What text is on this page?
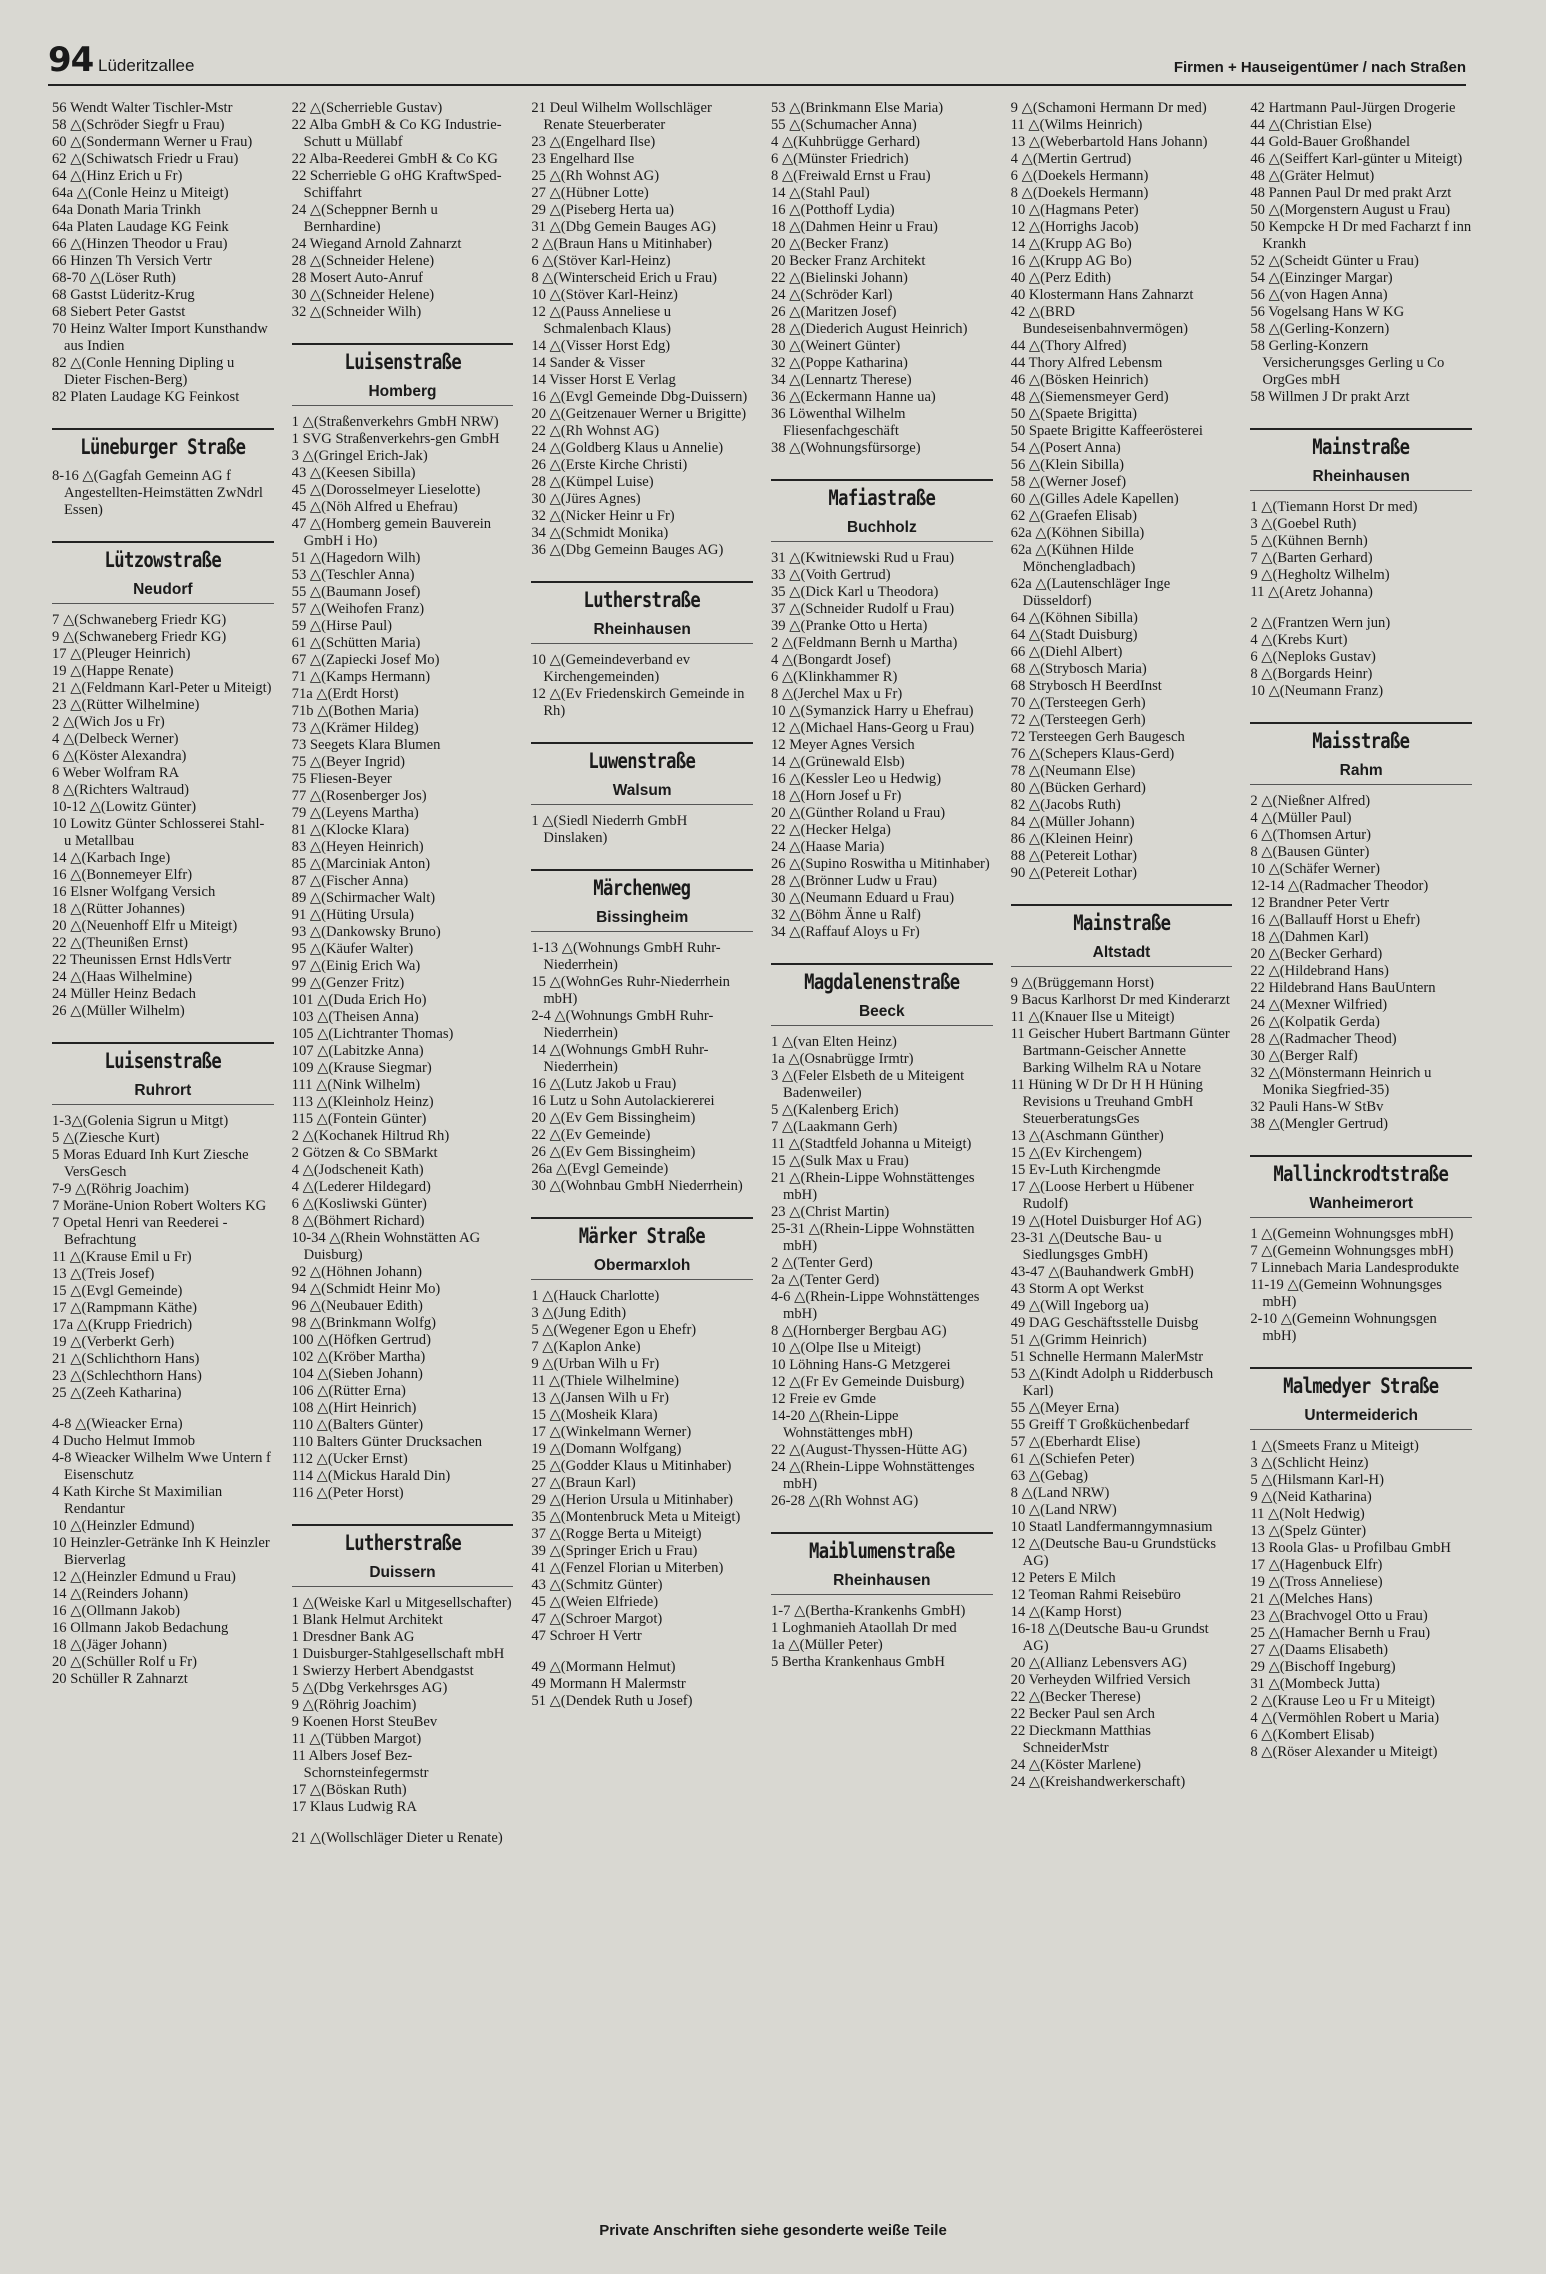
94 Lüderitzallee	Firmen + Hauseigentümer / nach Straßen
56 Wendt Walter Tischler-Mstr
58 △(Schröder Siegfr u Frau)
60 △(Sondermann Werner u Frau)
62 △(Schiwatsch Friedr u Frau)
64 △(Hinz Erich u Fr)
64a △(Conle Heinz u Miteigt)
64a Donath Maria Trinkh
64a Platen Laudage KG Feink
66 △(Hinzen Theodor u Frau)
66 Hinzen Th Versich Vertr
68-70 △(Löser Ruth)
68 Gastst Lüderitz-Krug
68 Siebert Peter Gastst
70 Heinz Walter Import Kunsthandw aus Indien
82 △(Conle Henning Dipling u Dieter Fischen-Berg)
82 Platen Laudage KG Feinkost
Lüneburger Straße
8-16 △(Gagfah Gemeinn AG f Angestellten-Heimstätten ZwNdrl Essen)
Lützowstraße
Neudorf
7 △(Schwaneberg Friedr KG)
9 △(Schwaneberg Friedr KG)
17 △(Pleuger Heinrich)
19 △(Happe Renate)
21 △(Feldmann Karl-Peter u Miteigt)
23 △(Rütter Wilhelmine)
2 △(Wich Jos u Fr)
4 △(Delbeck Werner)
6 △(Köster Alexandra)
6 Weber Wolfram RA
8 △(Richters Waltraud)
10-12 △(Lowitz Günter)
10 Lowitz Günter Schlosserei Stahl- u Metallbau
14 △(Karbach Inge)
16 △(Bonnemeyer Elfr)
16 Elsner Wolfgang Versich
18 △(Rütter Johannes)
20 △(Neuenhoff Elfr u Miteigt)
22 △(Theunißen Ernst)
22 Theunissen Ernst HdlsVertr
24 △(Haas Wilhelmine)
24 Müller Heinz Bedach
26 △(Müller Wilhelm)
Luisenstraße
Ruhrort
1-3△(Golenia Sigrun u Mitgt)
5 △(Ziesche Kurt)
5 Moras Eduard Inh Kurt Ziesche VersGesch
7-9 △(Röhrig Joachim)
7 Moräne-Union Robert Wolters KG
7 Opetal Henri van Reederei - Befrachtung
11 △(Krause Emil u Fr)
13 △(Treis Josef)
15 △(Evgl Gemeinde)
17 △(Rampmann Käthe)
17a △(Krupp Friedrich)
19 △(Verberkt Gerh)
21 △(Schlichthorn Hans)
23 △(Schlechthorn Hans)
25 △(Zeeh Katharina)
4-8 △(Wieacker Erna)
4 Ducho Helmut Immob
4-8 Wieacker Wilhelm Wwe Untern f Eisenschutz
4 Kath Kirche St Maximilian Rendantur
10 △(Heinzler Edmund)
10 Heinzler-Getränke Inh K Heinzler Bierverlag
12 △(Heinzler Edmund u Frau)
14 △(Reinders Johann)
16 △(Ollmann Jakob)
16 Ollmann Jakob Bedachung
18 △(Jäger Johann)
20 △(Schüller Rolf u Fr)
20 Schüller R Zahnarzt
22 △(Scherrieble Gustav)
22 Alba GmbH & Co KG Industrie-Schutt u Müllabf
22 Alba-Reederei GmbH & Co KG
22 Scherrieble G oHG KraftwSped-Schiffahrt
24 △(Scheppner Bernh u Bernhardine)
24 Wiegand Arnold Zahnarzt
28 △(Schneider Helene)
28 Mosert Auto-Anruf
30 △(Schneider Helene)
32 △(Schneider Wilh)
Luisenstraße
Homberg
1 △(Straßenverkehrs GmbH NRW)
1 SVG Straßenverkehrs-gen GmbH
3 △(Gringel Erich-Jak)
43 △(Keesen Sibilla)
45 △(Dorosselmeyer Lieselotte)
45 △(Nöh Alfred u Ehefrau)
47 △(Homberg gemein Bauverein GmbH i Ho)
51 △(Hagedorn Wilh)
53 △(Teschler Anna)
55 △(Baumann Josef)
57 △(Weihofen Franz)
59 △(Hirse Paul)
61 △(Schütten Maria)
67 △(Zapiecki Josef Mo)
71 △(Kamps Hermann)
71a △(Erdt Horst)
71b △(Bothen Maria)
73 △(Krämer Hildeg)
73 Seegets Klara Blumen
75 △(Beyer Ingrid)
75 Fliesen-Beyer
77 △(Rosenberger Jos)
79 △(Leyens Martha)
81 △(Klocke Klara)
83 △(Heyen Heinrich)
85 △(Marciniak Anton)
87 △(Fischer Anna)
89 △(Schirmacher Walt)
91 △(Hüting Ursula)
93 △(Dankowsky Bruno)
95 △(Käufer Walter)
97 △(Einig Erich Wa)
99 △(Genzer Fritz)
101 △(Duda Erich Ho)
103 △(Theisen Anna)
105 △(Lichtranter Thomas)
107 △(Labitzke Anna)
109 △(Krause Siegmar)
111 △(Nink Wilhelm)
113 △(Kleinholz Heinz)
115 △(Fontein Günter)
2 △(Kochanek Hiltrud Rh)
2 Götzen & Co SBMarkt
4 △(Jodscheneit Kath)
4 △(Lederer Hildegard)
6 △(Kosliwski Günter)
8 △(Böhmert Richard)
10-34 △(Rhein Wohnstätten AG Duisburg)
92 △(Höhnen Johann)
94 △(Schmidt Heinr Mo)
96 △(Neubauer Edith)
98 △(Brinkmann Wolfg)
100 △(Höfken Gertrud)
102 △(Kröber Martha)
104 △(Sieben Johann)
106 △(Rütter Erna)
108 △(Hirt Heinrich)
110 △(Balters Günter)
110 Balters Günter Drucksachen
112 △(Ucker Ernst)
114 △(Mickus Harald Din)
116 △(Peter Horst)
Lutherstraße
Duissern
1 △(Weiske Karl u Mitgesellschafter)
1 Blank Helmut Architekt
1 Dresdner Bank AG
1 Duisburger-Stahlgesellschaft mbH
1 Swierzy Herbert Abendgastst
5 △(Dbg Verkehrsges AG)
9 △(Röhrig Joachim)
9 Koenen Horst SteuBev
11 △(Tübben Margot)
11 Albers Josef Bez-Schornsteinfegermstr
17 △(Böskan Ruth)
17 Klaus Ludwig RA
21 △(Wollschläger Dieter u Renate)
21 Deul Wilhelm Wollschläger Renate Steuerberater
23 △(Engelhard Ilse)
23 Engelhard Ilse
25 △(Rh Wohnst AG)
27 △(Hübner Lotte)
29 △(Piseberg Herta ua)
31 △(Dbg Gemein Bauges AG)
2 △(Braun Hans u Mitinhaber)
6 △(Stöver Karl-Heinz)
8 △(Winterscheid Erich u Frau)
10 △(Stöver Karl-Heinz)
12 △(Pauss Anneliese u Schmalenbach Klaus)
14 △(Visser Horst Edg)
14 Sander & Visser
14 Visser Horst E Verlag
16 △(Evgl Gemeinde Dbg-Duissern)
20 △(Geitzenauer Werner u Brigitte)
22 △(Rh Wohnst AG)
24 △(Goldberg Klaus u Annelie)
26 △(Erste Kirche Christi)
28 △(Kümpel Luise)
30 △(Jüres Agnes)
32 △(Nicker Heinr u Fr)
34 △(Schmidt Monika)
36 △(Dbg Gemeinn Bauges AG)
Lutherstraße
Rheinhausen
10 △(Gemeindeverband ev Kirchengemeinden)
12 △(Ev Friedenskirch Gemeinde in Rh)
Luwenstraße
Walsum
1 △(Siedl Niederrh GmbH Dinslaken)
Märchenweg
Bissingheim
1-13 △(Wohnungs GmbH Ruhr-Niederrhein)
15 △(WohnGes Ruhr-Niederrhein mbH)
2-4 △(Wohnungs GmbH Ruhr-Niederrhein)
14 △(Wohnungs GmbH Ruhr-Niederrhein)
16 △(Lutz Jakob u Frau)
16 Lutz u Sohn Autolackiererei
20 △(Ev Gem Bissingheim)
22 △(Ev Gemeinde)
26 △(Ev Gem Bissingheim)
26a △(Evgl Gemeinde)
30 △(Wohnbau GmbH Niederrhein)
Märker Straße
Obermarxloh
1 △(Hauck Charlotte)
3 △(Jung Edith)
5 △(Wegener Egon u Ehefr)
7 △(Kaplon Anke)
9 △(Urban Wilh u Fr)
11 △(Thiele Wilhelmine)
13 △(Jansen Wilh u Fr)
15 △(Mosheik Klara)
17 △(Winkelmann Werner)
19 △(Domann Wolfgang)
25 △(Godder Klaus u Mitinhaber)
27 △(Braun Karl)
29 △(Herion Ursula u Mitinhaber)
35 △(Montenbruck Meta u Miteigt)
37 △(Rogge Berta u Miteigt)
39 △(Springer Erich u Frau)
41 △(Fenzel Florian u Miterben)
43 △(Schmitz Günter)
45 △(Weien Elfriede)
47 △(Schroer Margot)
47 Schroer H Vertr
49 △(Mormann Helmut)
49 Mormann H Malermstr
51 △(Dendek Ruth u Josef)
53 △(Brinkmann Else Maria)
55 △(Schumacher Anna)
4 △(Kuhbrügge Gerhard)
6 △(Münster Friedrich)
8 △(Freiwald Ernst u Frau)
14 △(Stahl Paul)
16 △(Potthoff Lydia)
18 △(Dahmen Heinr u Frau)
20 △(Becker Franz)
20 Becker Franz Architekt
22 △(Bielinski Johann)
24 △(Schröder Karl)
26 △(Maritzen Josef)
28 △(Diederich August Heinrich)
30 △(Weinert Günter)
32 △(Poppe Katharina)
34 △(Lennartz Therese)
36 △(Eckermann Hanne ua)
36 Löwenthal Wilhelm Fliesenfachgeschäft
38 △(Wohnungsfürsorge)
Mafiastraße
Buchholz
31 △(Kwitniewski Rud u Frau)
33 △(Voith Gertrud)
35 △(Dick Karl u Theodora)
37 △(Schneider Rudolf u Frau)
39 △(Pranke Otto u Herta)
2 △(Feldmann Bernh u Martha)
4 △(Bongardt Josef)
6 △(Klinkhammer R)
8 △(Jerchel Max u Fr)
10 △(Symanzick Harry u Ehefrau)
12 △(Michael Hans-Georg u Frau)
12 Meyer Agnes Versich
14 △(Grünewald Elsb)
16 △(Kessler Leo u Hedwig)
18 △(Horn Josef u Fr)
20 △(Günther Roland u Frau)
22 △(Hecker Helga)
24 △(Haase Maria)
26 △(Supino Roswitha u Mitinhaber)
28 △(Brönner Ludw u Frau)
30 △(Neumann Eduard u Frau)
32 △(Böhm Änne u Ralf)
34 △(Raffauf Aloys u Fr)
Magdalenenstraße
Beeck
1 △(van Elten Heinz)
1a △(Osnabrügge Irmtr)
3 △(Feler Elsbeth de u Miteigent Badenweiler)
5 △(Kalenberg Erich)
7 △(Laakmann Gerh)
11 △(Stadtfeld Johanna u Miteigt)
15 △(Sulk Max u Frau)
21 △(Rhein-Lippe Wohnstättenges mbH)
23 △(Christ Martin)
25-31 △(Rhein-Lippe Wohnstätten mbH)
2 △(Tenter Gerd)
2a △(Tenter Gerd)
4-6 △(Rhein-Lippe Wohnstättenges mbH)
8 △(Hornberger Bergbau AG)
10 △(Olpe Ilse u Miteigt)
10 Löhning Hans-G Metzgerei
12 △(Fr Ev Gemeinde Duisburg)
12 Freie ev Gmde
14-20 △(Rhein-Lippe Wohnstättenges mbH)
22 △(August-Thyssen-Hütte AG)
24 △(Rhein-Lippe Wohnstättenges mbH)
26-28 △(Rh Wohnst AG)
Maiblumenstraße
Rheinhausen
1-7 △(Bertha-Krankenhs GmbH)
1 Loghmanieh Ataollah Dr med
1a △(Müller Peter)
5 Bertha Krankenhaus GmbH
9 △(Schamoni Hermann Dr med)
11 △(Wilms Heinrich)
13 △(Weberbartold Hans Johann)
4 △(Mertin Gertrud)
6 △(Doekels Hermann)
8 △(Doekels Hermann)
10 △(Hagmans Peter)
12 △(Horrighs Jacob)
14 △(Krupp AG Bo)
16 △(Krupp AG Bo)
40 △(Perz Edith)
40 Klostermann Hans Zahnarzt
42 △(BRD Bundeseisenbahnvermögen)
44 △(Thory Alfred)
44 Thory Alfred Lebensm
46 △(Bösken Heinrich)
48 △(Siemensmeyer Gerd)
50 △(Spaete Brigitta)
50 Spaete Brigitte Kaffeerösterei
54 △(Posert Anna)
56 △(Klein Sibilla)
58 △(Werner Josef)
60 △(Gilles Adele Kapellen)
62 △(Graefen Elisab)
62a △(Köhnen Sibilla)
62a △(Kühnen Hilde Mönchengladbach)
62a △(Lautenschläger Inge Düsseldorf)
64 △(Köhnen Sibilla)
64 △(Stadt Duisburg)
66 △(Diehl Albert)
68 △(Strybosch Maria)
68 Strybosch H BeerdInst
70 △(Tersteegen Gerh)
72 △(Tersteegen Gerh)
72 Tersteegen Gerh Baugesch
76 △(Schepers Klaus-Gerd)
78 △(Neumann Else)
80 △(Bücken Gerhard)
82 △(Jacobs Ruth)
84 △(Müller Johann)
86 △(Kleinen Heinr)
88 △(Petereit Lothar)
90 △(Petereit Lothar)
Mainstraße
Altstadt
9 △(Brüggemann Horst)
9 Bacus Karlhorst Dr med Kinderarzt
11 △(Knauer Ilse u Miteigt)
11 Geischer Hubert Bartmann Günter Bartmann-Geischer Annette Barking Wilhelm RA u Notare
11 Hüning W Dr Dr H H Hüning Revisions u Treuhand GmbH SteuerberatungsGes
13 △(Aschmann Günther)
15 △(Ev Kirchengem)
15 Ev-Luth Kirchengmde
17 △(Loose Herbert u Hübener Rudolf)
19 △(Hotel Duisburger Hof AG)
23-31 △(Deutsche Bau- u Siedlungsges GmbH)
43-47 △(Bauhandwerk GmbH)
43 Storm A opt Werkst
49 △(Will Ingeborg ua)
49 DAG Geschäftsstelle Duisbg
51 △(Grimm Heinrich)
51 Schnelle Hermann MalerMstr
53 △(Kindt Adolph u Ridderbusch Karl)
55 △(Meyer Erna)
55 Greiff T Großküchenbedarf
57 △(Eberhardt Elise)
61 △(Schiefen Peter)
63 △(Gebag)
8 △(Land NRW)
10 △(Land NRW)
10 Staatl Landfermanngymnasium
12 △(Deutsche Bau-u Grundstücks AG)
12 Peters E Milch
12 Teoman Rahmi Reisebüro
14 △(Kamp Horst)
16-18 △(Deutsche Bau-u Grundst AG)
20 △(Allianz Lebensvers AG)
20 Verheyden Wilfried Versich
22 △(Becker Therese)
22 Becker Paul sen Arch
22 Dieckmann Matthias SchneiderMstr
24 △(Köster Marlene)
24 △(Kreishandwerkerschaft)
42 Hartmann Paul-Jürgen Drogerie
44 △(Christian Else)
44 Gold-Bauer Großhandel
46 △(Seiffert Karl-günter u Miteigt)
48 △(Gräter Helmut)
48 Pannen Paul Dr med prakt Arzt
50 △(Morgenstern August u Frau)
50 Kempcke H Dr med Facharzt f inn Krankh
52 △(Scheidt Günter u Frau)
54 △(Einzinger Margar)
56 △(von Hagen Anna)
56 Vogelsang Hans W KG
58 △(Gerling-Konzern)
58 Gerling-Konzern Versicherungsges Gerling u Co OrgGes mbH
58 Willmen J Dr prakt Arzt
Mainstraße
Rheinhausen
1 △(Tiemann Horst Dr med)
3 △(Goebel Ruth)
5 △(Kühnen Bernh)
7 △(Barten Gerhard)
9 △(Hegholtz Wilhelm)
11 △(Aretz Johanna)
2 △(Frantzen Wern jun)
4 △(Krebs Kurt)
6 △(Neploks Gustav)
8 △(Borgards Heinr)
10 △(Neumann Franz)
Maisstraße
Rahm
2 △(Nießner Alfred)
4 △(Müller Paul)
6 △(Thomsen Artur)
8 △(Bausen Günter)
10 △(Schäfer Werner)
12-14 △(Radmacher Theodor)
12 Brandner Peter Vertr
16 △(Ballauff Horst u Ehefr)
18 △(Dahmen Karl)
20 △(Becker Gerhard)
22 △(Hildebrand Hans)
22 Hildebrand Hans BauUntern
24 △(Mexner Wilfried)
26 △(Kolpatik Gerda)
28 △(Radmacher Theod)
30 △(Berger Ralf)
32 △(Mönstermann Heinrich u Monika Siegfried-35)
32 Pauli Hans-W StBv
38 △(Mengler Gertrud)
Mallinckrodtstraße
Wanheimerort
1 △(Gemeinn Wohnungsges mbH)
7 △(Gemeinn Wohnungsges mbH)
7 Linnebach Maria Landesprodukte
11-19 △(Gemeinn Wohnungsges mbH)
2-10 △(Gemeinn Wohnungsgen mbH)
Malmedyer Straße
Untermeiderich
1 △(Smeets Franz u Miteigt)
3 △(Schlicht Heinz)
5 △(Hilsmann Karl-H)
9 △(Neid Katharina)
11 △(Nolt Hedwig)
13 △(Spelz Günter)
13 Roola Glas- u Profilbau GmbH
17 △(Hagenbuck Elfr)
19 △(Tross Anneliese)
21 △(Melches Hans)
23 △(Brachvogel Otto u Frau)
25 △(Hamacher Bernh u Frau)
27 △(Daams Elisabeth)
29 △(Bischoff Ingeburg)
31 △(Mombeck Jutta)
2 △(Krause Leo u Fr u Miteigt)
4 △(Vermöhlen Robert u Maria)
6 △(Kombert Elisab)
8 △(Röser Alexander u Miteigt)
Private Anschriften siehe gesonderte weiße Teile
